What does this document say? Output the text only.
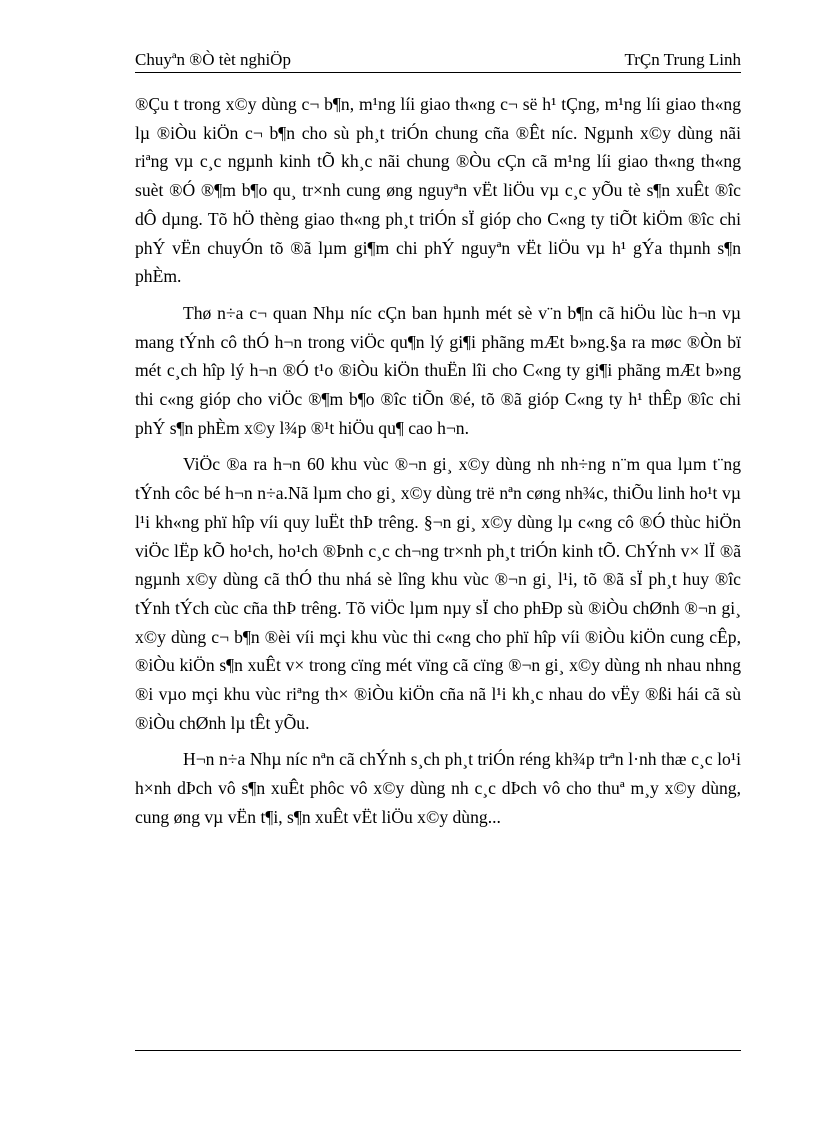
Chuyªn ®Ò tèt nghiÖp	TrÇn Trung Linh

®Çu t trong x©y dùng c¬ b¶n, m¹ng líi giao th«ng c¬ së h¹ tÇng, m¹ng líi giao th«ng lµ ®iÒu kiÖn c¬ b¶n cho sù ph¸t triÓn chung cña ®Êt níc. Ngµnh x©y dùng nãi riªng vµ c¸c ngµnh kinh tÕ kh¸c nãi chung ®Òu cÇn cã m¹ng líi giao th«ng th«ng suèt ®Ó ®¶m b¶o qu¸ tr×nh cung øng nguyªn vËt liÖu vµ c¸c yÕu tè s¶n xuÊt ®îc dÔ dµng. Tõ hÖ thèng giao th«ng ph¸t triÓn sÏ gióp cho C«ng ty tiÕt kiÖm ®îc chi phÝ vËn chuyÓn tõ ®ã lµm gi¶m chi phÝ nguyªn vËt liÖu vµ h¹ gÝa thµnh s¶n phÈm.

Thø n÷a c¬ quan Nhµ níc cÇn ban hµnh mét sè v¨n b¶n cã hiÖu lùc h¬n vµ mang tÝnh cô thÓ h¬n trong viÖc qu¶n lý gi¶i phãng mÆt b»ng.§a ra møc ®Òn bï mét c¸ch hîp lý h¬n ®Ó t¹o ®iÒu kiÖn thuËn lîi cho C«ng ty gi¶i phãng mÆt b»ng thi c«ng gióp cho viÖc ®¶m b¶o ®îc tiÕn ®é, tõ ®ã gióp C«ng ty h¹ thÊp ®îc chi phÝ s¶n phÈm x©y l¾p ®¹t hiÖu qu¶ cao h¬n.

ViÖc ®a ra h¬n 60 khu vùc ®¬n gi¸ x©y dùng nh nh÷ng n¨m qua lµm t¨ng tÝnh côc bé h¬n n÷a.Nã lµm cho gi¸ x©y dùng trë nªn cøng nh¾c, thiÕu linh ho¹t vµ l¹i kh«ng phï hîp víi quy luËt thÞ trêng. §¬n gi¸ x©y dùng lµ c«ng cô ®Ó thùc hiÖn viÖc lËp kÕ ho¹ch, ho¹ch ®Þnh c¸c ch¬ng tr×nh ph¸t triÓn kinh tÕ. ChÝnh v× lÏ ®ã ngµnh x©y dùng cã thÓ thu nhá sè lîng khu vùc ®¬n gi¸ l¹i, tõ ®ã sÏ ph¸t huy ®îc tÝnh tÝch cùc cña thÞ trêng. Tõ viÖc lµm nµy sÏ cho phÐp sù ®iÒu chØnh ®¬n gi¸ x©y dùng c¬ b¶n ®èi víi mçi khu vùc thi c«ng cho phï hîp víi ®iÒu kiÖn cung cÊp, ®iÒu kiÖn s¶n xuÊt v× trong cïng mét vïng cã cïng ®¬n gi¸ x©y dùng nh nhau nhng ®i vµo mçi khu vùc riªng th× ®iÒu kiÖn cña nã l¹i kh¸c nhau do vËy ®ßi hái cã sù ®iÒu chØnh lµ tÊt yÕu.

H¬n n÷a Nhµ níc nªn cã chÝnh s¸ch ph¸t triÓn réng kh¾p trªn l·nh thæ c¸c lo¹i h×nh dÞch vô s¶n xuÊt phôc vô x©y dùng nh c¸c dÞch vô cho thuª m¸y x©y dùng, cung øng vµ vËn t¶i, s¶n xuÊt vËt liÖu x©y dùng...
